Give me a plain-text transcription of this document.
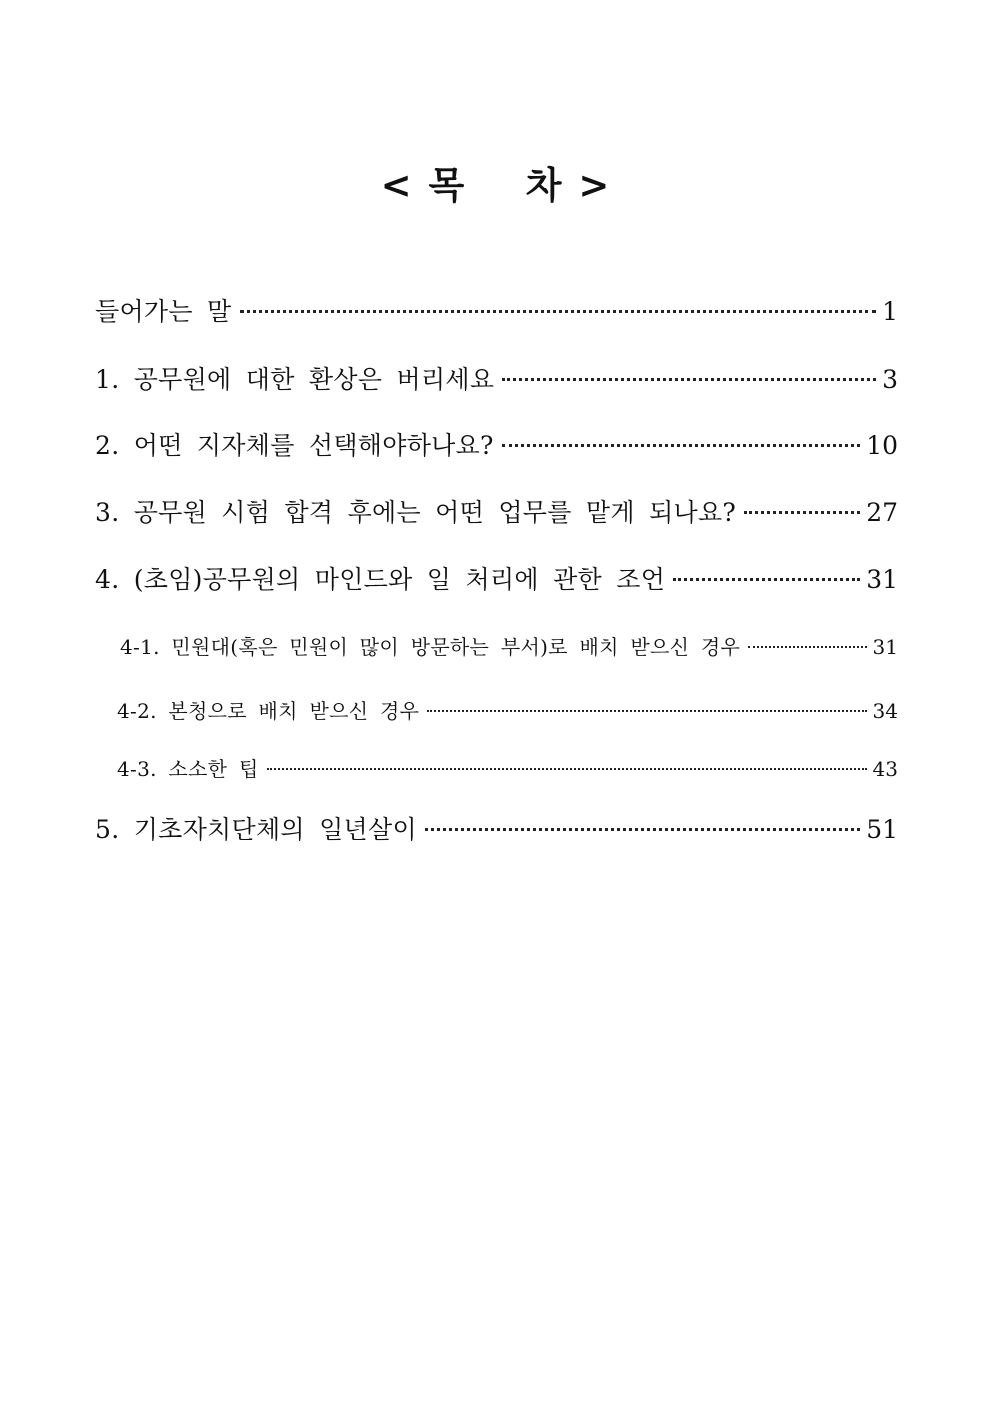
< 목    차 >
들어가는 말	1
1. 공무원에 대한 환상은 버리세요	3
2. 어떤 지자체를 선택해야하나요?	10
3. 공무원 시험 합격 후에는 어떤 업무를 맡게 되나요?	27
4. (초임)공무원의 마인드와 일 처리에 관한 조언	31
4-1. 민원대(혹은 민원이 많이 방문하는 부서)로 배치 받으신 경우	31
4-2. 본청으로 배치 받으신 경우	34
4-3. 소소한 팁	43
5. 기초자치단체의 일년살이	51
